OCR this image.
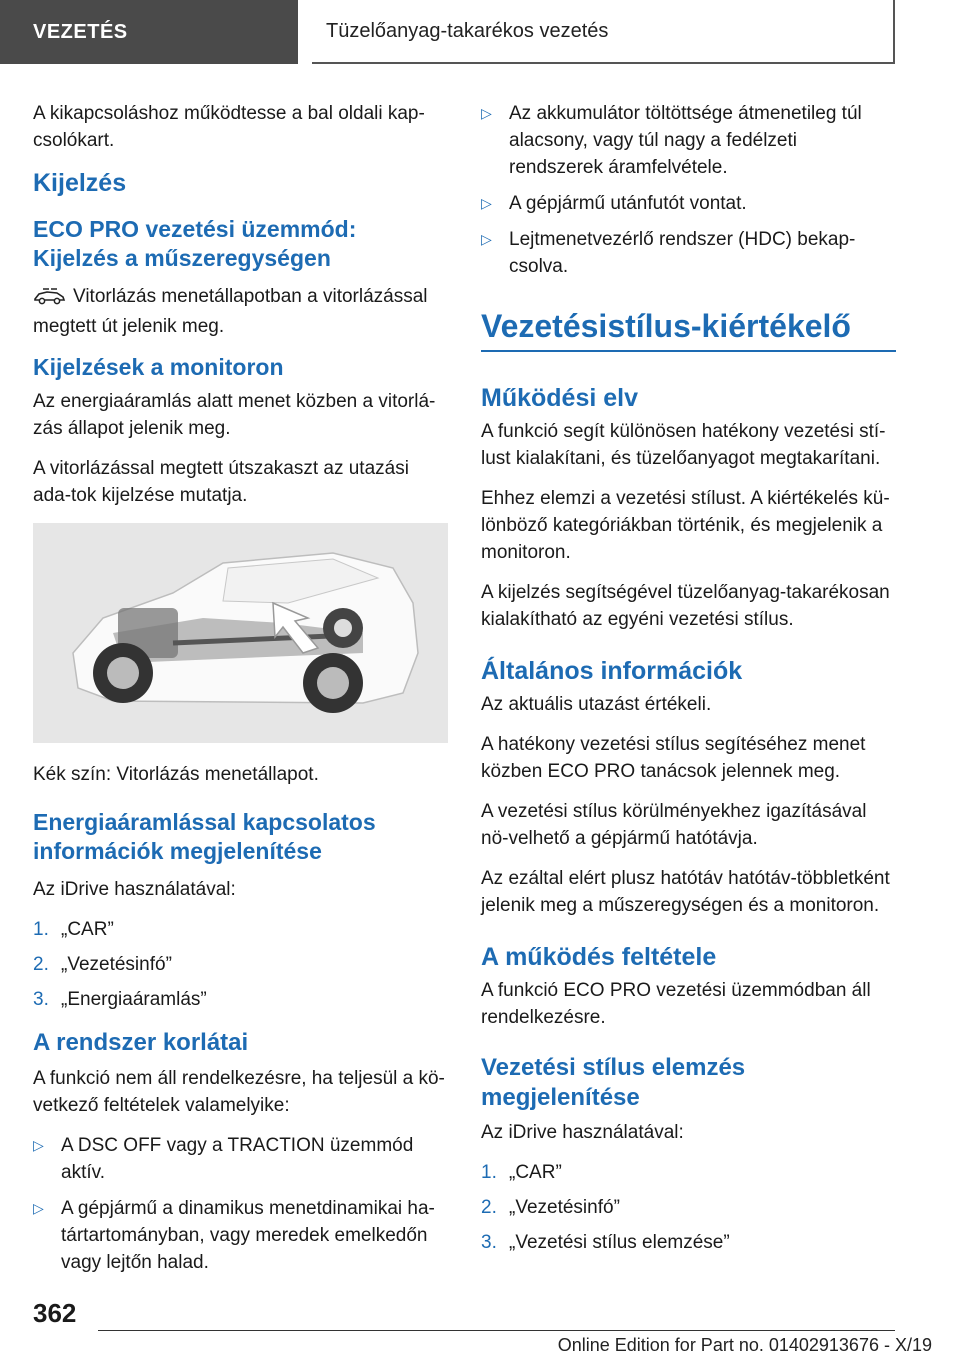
VEZETÉS	Tüzelőanyag-takarékos vezetés

A kikapcsoláshoz működtesse a bal oldali kap-csolókart.

Kijelzés
ECO PRO vezetési üzemmód: Kijelzés a műszeregységen

Vitorlázás menetállapotban a vitorlázással megtett út jelenik meg.

Kijelzések a monitoron

Az energiaáramlás alatt menet közben a vitorlá-zás állapot jelenik meg.

A vitorlázással megtett útszakaszt az utazási ada-tok kijelzése mutatja.

Kék szín: Vitorlázás menetállapot.

Energiaáramlással kapcsolatos információk megjelenítése

Az iDrive használatával:

1. „CAR”
2. „Vezetésinfó”
3. „Energiaáramlás”
A rendszer korlátai

A funkció nem áll rendelkezésre, ha teljesül a kö-vetkező feltételek valamelyike:

▷ A DSC OFF vagy a TRACTION üzemmód aktív.
▷ A gépjármű a dinamikus menetdinamikai ha-tártartományban, vagy meredek emelkedőn vagy lejtőn halad.
▷ Az akkumulátor töltöttsége átmenetileg túl alacsony, vagy túl nagy a fedélzeti rendszerek áramfelvétele.
▷ A gépjármű utánfutót vontat.
▷ Lejtmenetvezérlő rendszer (HDC) bekap-csolva.
Vezetésistílus-kiértékelő
Működési elv

A funkció segít különösen hatékony vezetési stí-lust kialakítani, és tüzelőanyagot megtakarítani.

Ehhez elemzi a vezetési stílust. A kiértékelés kü-lönböző kategóriákban történik, és megjelenik a monitoron.

A kijelzés segítségével tüzelőanyag-takarékosan kialakítható az egyéni vezetési stílus.

Általános információk

Az aktuális utazást értékeli.

A hatékony vezetési stílus segítéséhez menet közben ECO PRO tanácsok jelennek meg.

A vezetési stílus körülményekhez igazításával nö-velhető a gépjármű hatótávja.

Az ezáltal elért plusz hatótáv hatótáv-többletként jelenik meg a műszeregységen és a monitoron.

A működés feltétele

A funkció ECO PRO vezetési üzemmódban áll rendelkezésre.

Vezetési stílus elemzés megjelenítése

Az iDrive használatával:

1. „CAR”
2. „Vezetésinfó”
3. „Vezetési stílus elemzése”
362
Online Edition for Part no. 01402913676 - X/19
